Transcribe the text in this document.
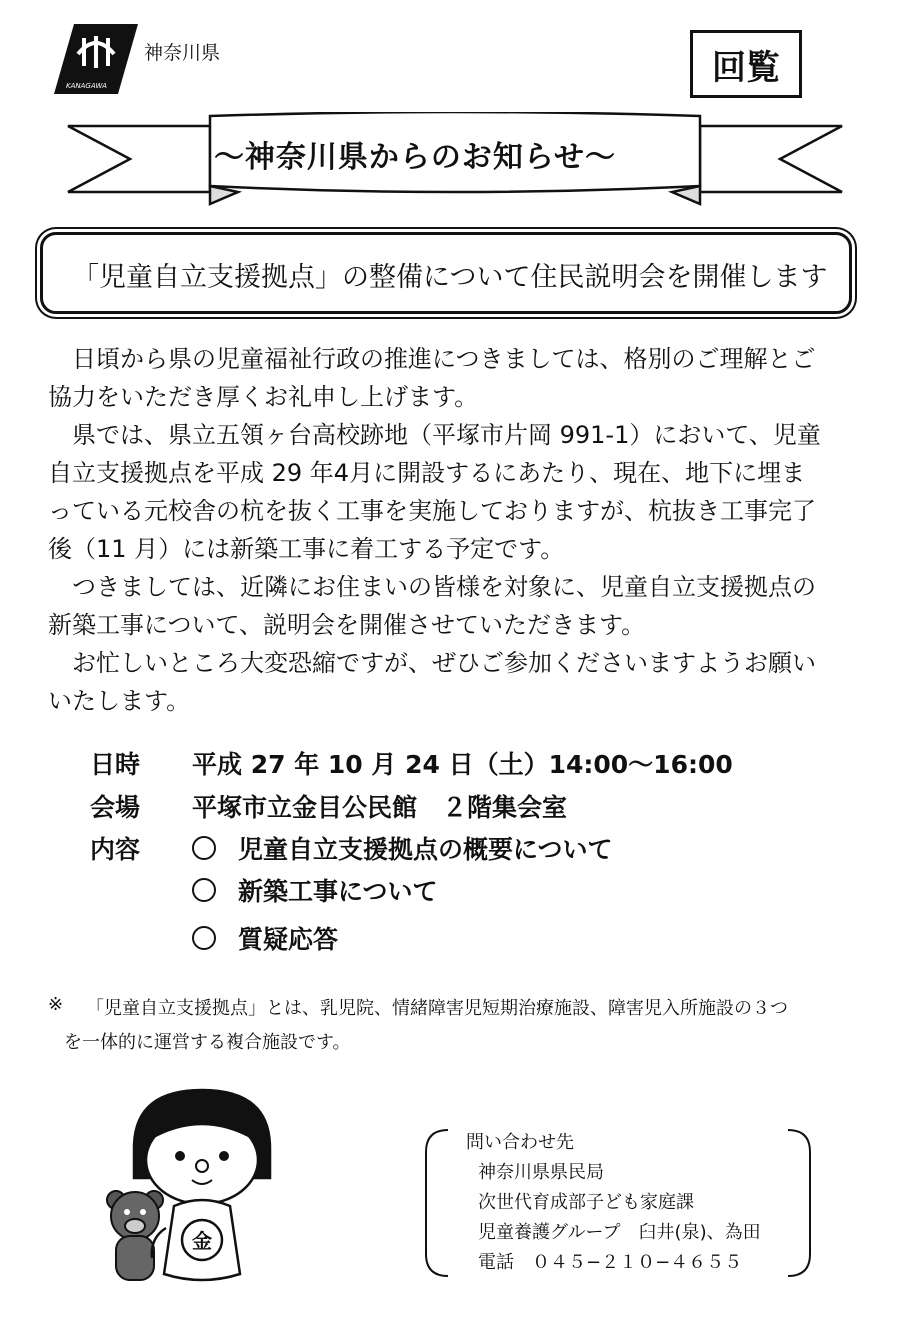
KANAGAWA
神奈川県	回覧
〜神奈川県からのお知らせ〜
「児童自立支援拠点」の整備について住民説明会を開催します
　日頃から県の児童福祉行政の推進につきましては、格別のご理解とご
協力をいただき厚くお礼申し上げます。
　県では、県立五領ヶ台高校跡地（平塚市片岡 991-1）において、児童
自立支援拠点を平成 29 年4月に開設するにあたり、現在、地下に埋ま
っている元校舎の杭を抜く工事を実施しておりますが、杭抜き工事完了
後（11 月）には新築工事に着工する予定です。
　つきましては、近隣にお住まいの皆様を対象に、児童自立支援拠点の
新築工事について、説明会を開催させていただきます。
　お忙しいところ大変恐縮ですが、ぜひご参加くださいますようお願い
いたします。
日時 平成 27 年 10 月 24 日（土）14:00〜16:00
会場 平塚市立金目公民館　２階集会室
内容	児童自立支援拠点の概要について
新築工事について
質疑応答
※ 「児童自立支援拠点」とは、乳児院、情緒障害児短期治療施設、障害児入所施設の３つ
を一体的に運営する複合施設です。
金
問い合わせ先
神奈川県県民局
次世代育成部子ども家庭課
児童養護グループ　臼井(泉)、為田
電話　０４５−２１０−４６５５
